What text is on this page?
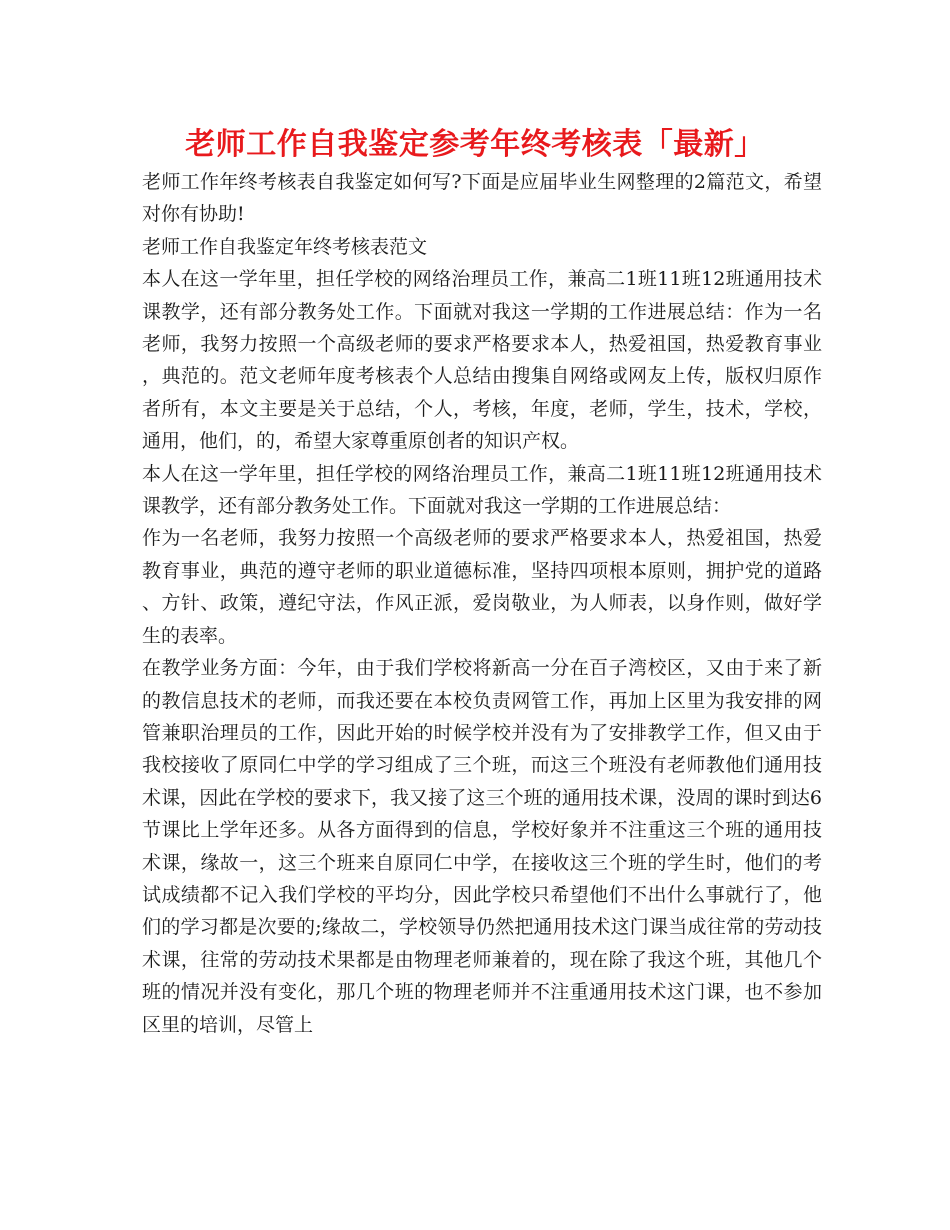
老师工作自我鉴定参考年终考核表「最新」

老师工作年终考核表自我鉴定如何写?下面是应届毕业生网整理的2篇范文，希望对你有协助!

老师工作自我鉴定年终考核表范文

本人在这一学年里，担任学校的网络治理员工作，兼高二1班11班12班通用技术课教学，还有部分教务处工作。下面就对我这一学期的工作进展总结：作为一名老师，我努力按照一个高级老师的要求严格要求本人，热爱祖国，热爱教育事业，典范的。范文老师年度考核表个人总结由搜集自网络或网友上传，版权归原作者所有，本文主要是关于总结，个人，考核，年度，老师，学生，技术，学校，通用，他们，的，希望大家尊重原创者的知识产权。

本人在这一学年里，担任学校的网络治理员工作，兼高二1班11班12班通用技术课教学，还有部分教务处工作。下面就对我这一学期的工作进展总结：

作为一名老师，我努力按照一个高级老师的要求严格要求本人，热爱祖国，热爱教育事业，典范的遵守老师的职业道德标准，坚持四项根本原则，拥护党的道路、方针、政策，遵纪守法，作风正派，爱岗敬业，为人师表，以身作则，做好学生的表率。

在教学业务方面：今年，由于我们学校将新高一分在百子湾校区，又由于来了新的教信息技术的老师，而我还要在本校负责网管工作，再加上区里为我安排的网管兼职治理员的工作，因此开始的时候学校并没有为了安排教学工作，但又由于我校接收了原同仁中学的学习组成了三个班，而这三个班没有老师教他们通用技术课，因此在学校的要求下，我又接了这三个班的通用技术课，没周的课时到达6节课比上学年还多。从各方面得到的信息，学校好象并不注重这三个班的通用技术课，缘故一，这三个班来自原同仁中学，在接收这三个班的学生时，他们的考试成绩都不记入我们学校的平均分，因此学校只希望他们不出什么事就行了，他们的学习都是次要的;缘故二，学校领导仍然把通用技术这门课当成往常的劳动技术课，往常的劳动技术果都是由物理老师兼着的，现在除了我这个班，其他几个班的情况并没有变化，那几个班的物理老师并不注重通用技术这门课，也不参加区里的培训，尽管上
